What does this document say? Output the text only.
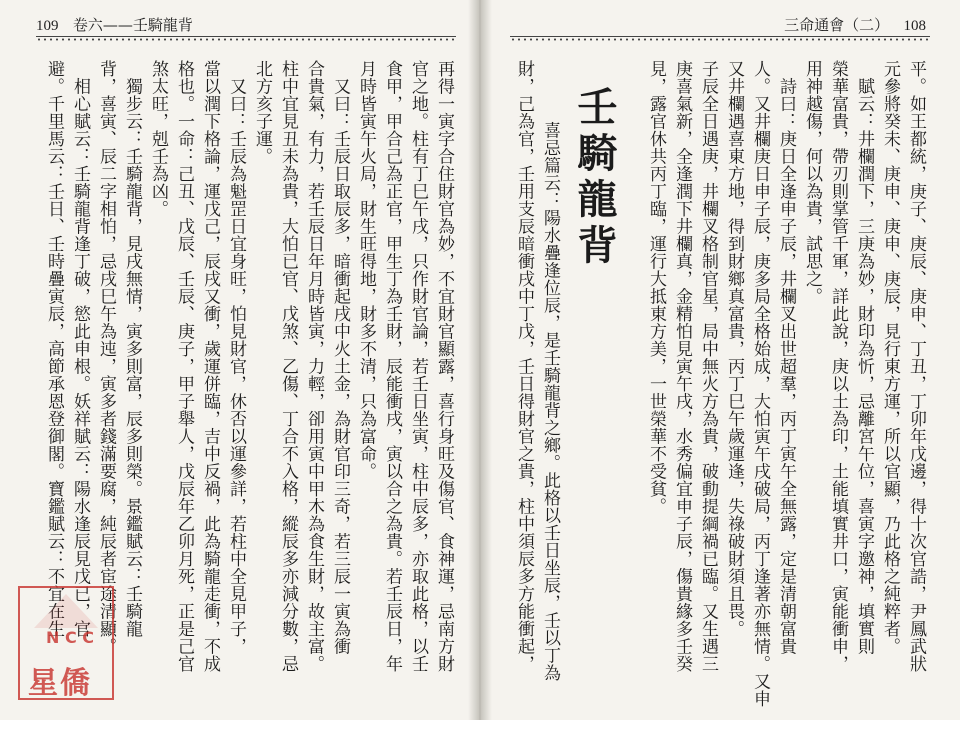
109 卷六——壬騎龍背	三命通會（二） 108
再得一寅字合住財官為妙，不宜財官顯露，喜行身旺及傷官、食神運，忌南方財
官之地。柱有丁巳午戌，只作財官論，若壬日坐寅，柱中辰多，亦取此格，以壬
食甲，甲合己為正官，甲生丁為壬財，辰能衝戌，寅以合之為貴。若壬辰日，年
月時皆寅午火局，財生旺得地，財多不清，只為富命。
　又曰：壬辰日取辰多，暗衝起戌中火土金，為財官印三奇，若三辰一寅為衝
合貴氣，有力，若壬辰日年月時皆寅，力輕，卻用寅中甲木為食生財，故主富。
柱中宜見丑未為貴，大怕已官、戊煞、乙傷、丁合不入格，縱辰多亦減分數，忌
北方亥子運。
　又曰：壬辰為魁罡日宜身旺，怕見財官，休否以運參詳，若柱中全見甲子，
當以潤下格論，運戊己，辰戌又衝，歲運併臨，吉中反禍，此為騎龍走衝，不成
格也。一命：己丑、戊辰、壬辰、庚子，甲子舉人，戊辰年乙卯月死，正是己官
煞太旺，剋壬為凶。
　獨步云：壬騎龍背，見戌無情，寅多則富，辰多則榮。景鑑賦云：壬騎龍
背，喜寅、辰二字相怕，忌戌巳午為迍，寅多者錢滿要腐，純辰者宦途清顯。
　相心賦云：壬騎龍背逢丁破，慾此申根。妖祥賦云：陽水逢辰見戊已，官
避。千里馬云：壬日、壬時疊寅辰，高節承恩登御閣。寶鑑賦云：不宜在生	平。如王都統，庚子、庚辰、庚申、丁丑，丁卯年戊邊，得十次官誥，尹鳳武狀
元參將癸未、庚申、庚申、庚辰，見行東方運，所以官顯，乃此格之純粹者。
　賦云：井欄潤下，三庚為妙，財印為忻，忌離宮午位，喜寅字邀神，填實則
榮華富貴，帶刃則掌管千軍，詳此說，庚以土為印，土能填實井口，寅能衝申，
用神越傷，何以為貴，試思之。
　詩曰：庚日全逢申子辰，井欄叉出世超羣，丙丁寅午全無露，定是清朝富貴
人。又井欄庚日申子辰，庚多局全格始成，大怕寅午戌破局，丙丁逢著亦無情。又申
又井欄遇喜東方地，得到財鄉真富貴，丙丁巳午歲運逢，失祿破財須且畏。
子辰全日遇庚，井欄叉格制官星，局中無火方為貴，破動提綱禍已臨。又生遇三
庚喜氣新，全逢潤下井欄真，金精怕見寅午戌，水秀偏宜申子辰，傷貴緣多壬癸
見，露官休共丙丁臨，運行大抵東方美，一世榮華不受貧。
壬騎龍背
　喜忌篇云：陽水疊逢位辰，是壬騎龍背之鄉。此格以壬日坐辰，壬以丁為
財，己為官，壬用支辰暗衝戌中丁戊，壬日得財官之貴，柱中須辰多方能衝起，
N C C
星僑
